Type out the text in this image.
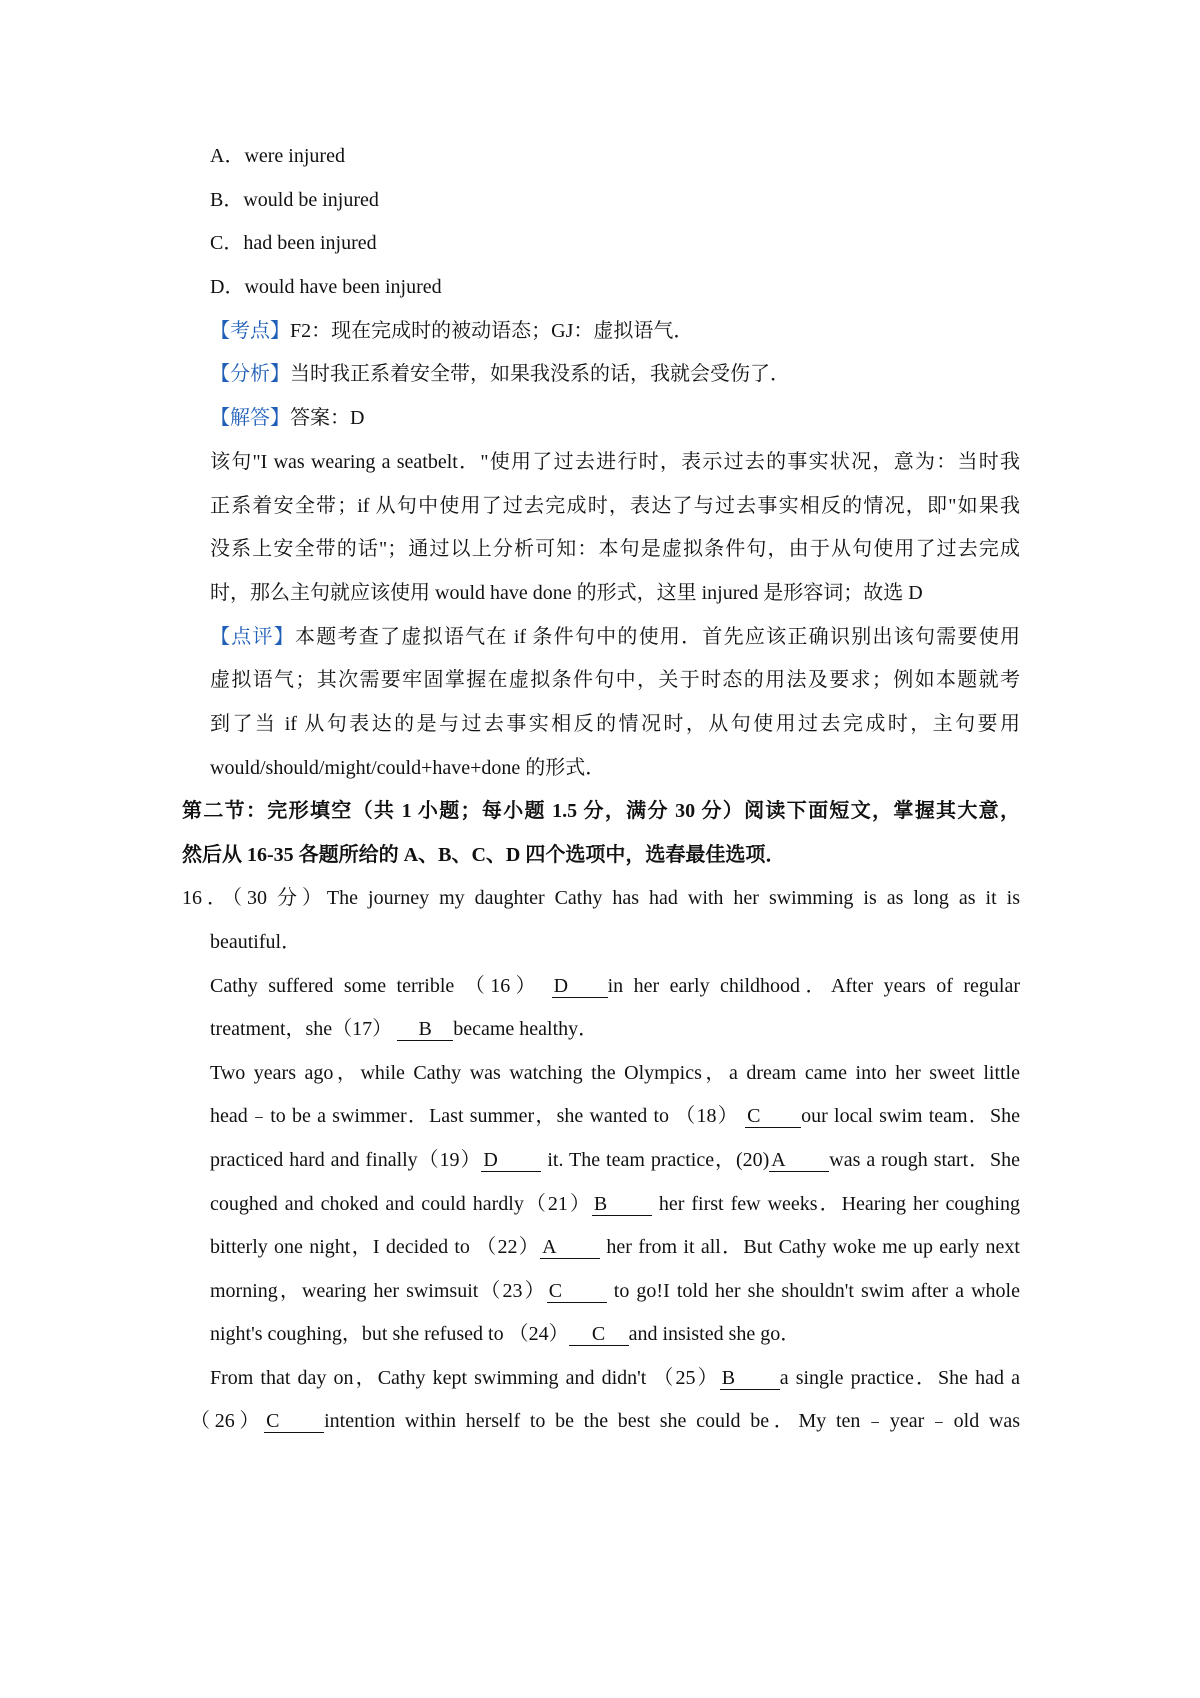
A．were injured
B．would be injured
C．had been injured
D．would have been injured
【考点】F2：现在完成时的被动语态；GJ：虚拟语气．
【分析】当时我正系着安全带，如果我没系的话，我就会受伤了．
【解答】答案：D
该句"I was wearing a seatbelt．"使用了过去进行时，表示过去的事实状况，意为：当时我
正系着安全带；if 从句中使用了过去完成时，表达了与过去事实相反的情况，即"如果我
没系上安全带的话"；通过以上分析可知：本句是虚拟条件句，由于从句使用了过去完成
时，那么主句就应该使用 would have done 的形式，这里 injured 是形容词；故选 D
【点评】本题考查了虚拟语气在 if 条件句中的使用．首先应该正确识别出该句需要使用
虚拟语气；其次需要牢固掌握在虚拟条件句中，关于时态的用法及要求；例如本题就考
到了当 if 从句表达的是与过去事实相反的情况时，从句使用过去完成时，主句要用
would/should/might/could+have+done 的形式．
第二节：完形填空（共 1 小题；每小题 1.5 分，满分 30 分）阅读下面短文，掌握其大意，
然后从 16-35 各题所给的 A、B、C、D 四个选项中，选春最佳选项．
16．（30 分）The journey my daughter Cathy has had with her swimming is as long as it is
beautiful．
Cathy suffered some terrible （16） D in her early childhood．After years of regular
treatment，she（17） B became healthy．
Two years ago，while Cathy was watching the Olympics，a dream came into her sweet little
head﹣to be a swimmer．Last summer，she wanted to （18） C our local swim team．She
practiced hard and finally（19） D it. The team practice，(20) A was a rough start．She
coughed and choked and could hardly（21） B her first few weeks．Hearing her coughing
bitterly one night，I decided to （22） A her from it all．But Cathy woke me up early next
morning，wearing her swimsuit（23） C to go!I told her she shouldn't swim after a whole
night's coughing，but she refused to （24） C and insisted she go．
From that day on，Cathy kept swimming and didn't （25） B a single practice．She had a
（26） C intention within herself to be the best she could be．My ten﹣year﹣old was
